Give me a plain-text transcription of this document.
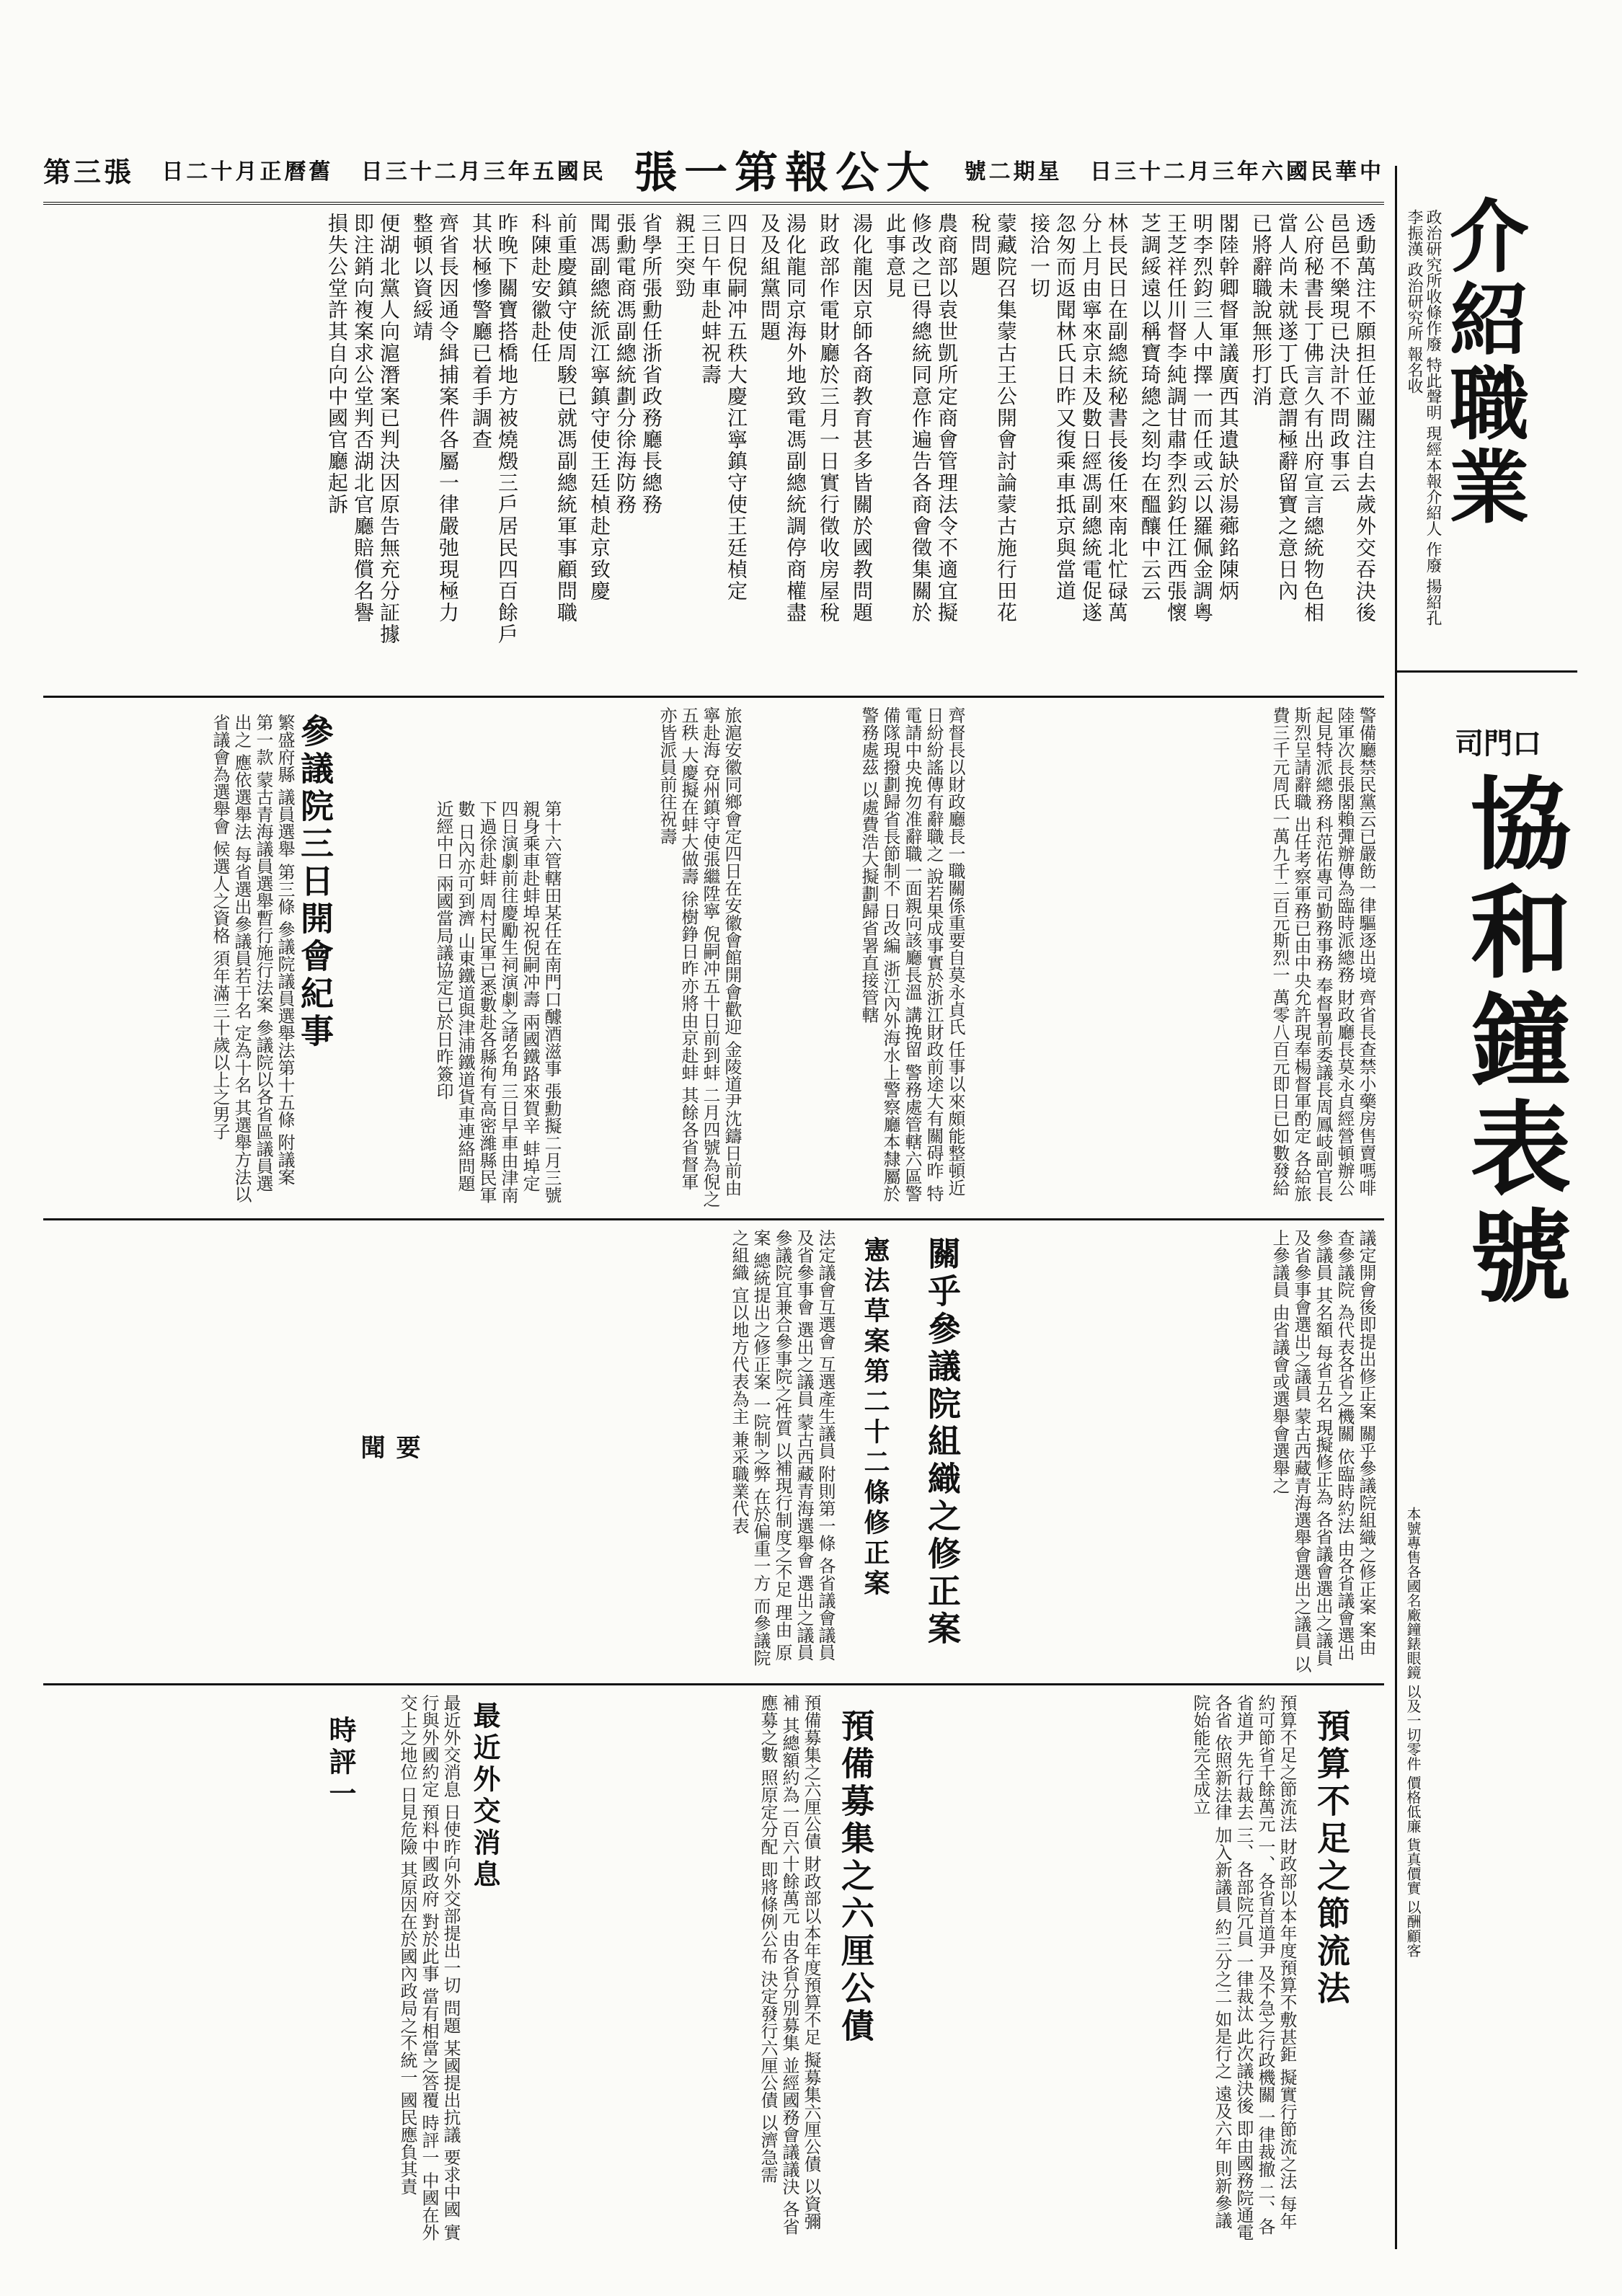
第三張 日二十月正曆舊 日三十二月三年五國民 張一第報公大 號二期星 日三十二月三年六國民華中
介紹職業
政治研究所收條作廢 特此聲明 現經本報介紹人 作廢 揚紹孔 李振漢 政治研究所 報名收
司門口
協和鐘表號
本號專售各國名廠鐘錶眼鏡 以及一切零件 價格低廉 貨真價實 以酬顧客
透動萬注不願担任並關注自去歲外交吞決後
邑邑不樂現已決計不問政事云
公府秘書長丁佛言久有出府宣言總統物色相
當人尚未就遂丁氏意謂極辭留寶之意日內
已將辭職說無形打消
閣陸幹卿督軍議廣西其遺缺於湯薌銘陳炳
明李烈鈞三人中擇一而任或云以羅佩金調粵
王芝祥任川督李純調甘肅李烈鈞任江西張懷
芝調綏遠以稱寶琦總之刻均在醞釀中云云
林長民日在副總統秘書長後任來南北忙碌萬
分上月由寧來京未及數日經馮副總統電促遂
忽匆而返聞林氏日昨又復乘車抵京與當道
接洽一切
蒙藏院召集蒙古王公開會討論蒙古施行田花
稅問題
農商部以袁世凱所定商會管理法令不適宜擬
修改之已得總統同意作遍告各商會徵集關於
此事意見
湯化龍因京師各商教育甚多皆關於國教問題
財政部作電財廳於三月一日實行徵收房屋稅
湯化龍同京海外地致電馮副總統調停商權盡
及及組黨問題
四日倪嗣冲五秩大慶江寧鎮守使王廷楨定
三日午車赴蚌祝壽
親王突勁
省學所張勳任浙省政務廳長總務
張勳電商馮副總統劃分徐海防務
聞馮副總統派江寧鎮守使王廷楨赴京致慶
前重慶鎮守使周駿已就馮副總統軍事顧問職
科陳赴安徽赴任
昨晚下關寶搭橋地方被燒燬三戶居民四百餘戶
其状極慘警廳已着手調查
齊省長因通令緝捕案件各屬一律嚴弛現極力
整頓以資綏靖
便湖北黨人向滬潛案已判決因原告無充分証據
即注銷向複案求公堂判否湖北官廳賠償名譽
損失公堂許其自向中國官廳起訴
警備廳禁民黨云已嚴飭一律驅逐出境 齊省長查禁小藥房售賣嗎啡 陸軍次長張閣賴彈辦傳為臨時派總務 財政廳長莫永貞經營頓辦公起見特派總務 科范佑專司勤務事務 奉督署前委議長周鳳岐副官長斯烈呈請辭職 出任考察軍務已由中央允許現奉楊督軍酌定 各給旅費三千元周氏一萬九千二百元斯烈一 萬零八百元即日已如數發給
齊督長以財政廳長一職關係重要自莫永貞氏 任事以來頗能整頓近日紛紛謠傳有辭職之 說若果成事實於浙江財政前途大有關碍昨 特電請中央挽勿准辭職一面親向該廳長溫 講挽留 警務處管轄六區警備隊現撥劃歸省長節制不 日改編 浙江內外海水上警察廳本隸屬於警務處茲 以處費浩大擬劃歸省署直接管轄
旅滬安徽同鄉會定四日在安徽會館開會歡迎 金陵道尹沈鑄日前由寧赴海 兗州鎮守使張繼陞寧 倪嗣冲五十日前到蚌 二月四號為倪之五秩 大慶擬在蚌大做壽 徐樹錚日昨亦將由京赴蚌 其餘各省督軍 亦皆派員前往祝壽
第十六管轄田某任在南門口醵酒滋事 張勳擬二月三號親身乘車赴蚌埠祝倪嗣冲壽 兩國鐵路來賀辛 蚌埠定四日演劇前往慶勵生祠演劇之諸名角 三日早車由津南下過徐赴蚌 周村民軍已悉數赴各縣徇有高密濰縣民軍數 日內亦可到濟 山東鐵道與津浦鐵道貨車連絡問題近經中日 兩國當局議協定已於日昨簽印
參議院三日開會紀事
繁盛府縣 議員選舉 第三條 參議院議員選舉法第十五條 附議案 第一款 蒙古青海議員選舉暫行施行法案 參議院以各省區議員選出之 應依選舉法 每省選出參議員若干名 定為十名 其選舉方法以省議會為選舉會 候選人之資格 須年滿三十歲以上之男子
要聞	議定開會後即提出修正案 關乎參議院組織之修正案 案由 查參議院 為代表各省之機關 依臨時約法 由各省議會選出參議員 其名額 每省五名 現擬修正為 各省議會選出之議員 及省參事會選出之議員 蒙古西藏青海選舉會選出之議員 以上參議員 由省議會或選舉會選舉之
關乎參議院組織之修正案
憲法草案第二十二條修正案
法定議會互選會 互選產生議員 附則第一條 各省議會議員 及省參事會 選出之議員 蒙古西藏青海選舉會 選出之議員 參議院宜兼合參事院之性質 以補現行制度之不足 理由 原案 總統提出之修正案 一院制之弊 在於偏重一方 而參議院之組織 宜以地方代表為主 兼采職業代表
預算不足之節流法
預算不足之節流法 財政部以本年度預算不敷甚鉅 擬實行節流之法 每年約可節省千餘萬元 一、各省首道尹 及不急之行政機關 一律裁撤 二、各省道尹 先行裁去 三、各部院冗員 一律裁汰 此次議決後 即由國務院通電各省 依照新法律 加入新議員 約三分之二 如是行之 遠及六年 則新參議院始能完全成立
預備募集之六厘公債
預備募集之六厘公債 財政部以本年度預算不足 擬募集六厘公債 以資彌補 其總額約為一百六十餘萬元 由各省分別募集 並經國務會議議決 各省應募之數 照原定分配 即將條例公布 決定發行六厘公債 以濟急需
最近外交消息
時評一	最近外交消息 日使昨向外交部提出一切 問題 某國提出抗議 要求中國 實行與外國約定 預料中國政府 對於此事 當有相當之答覆 時評一 中國在外交上之地位 日見危險 其原因在於國內政局之不統一 國民應負其責
